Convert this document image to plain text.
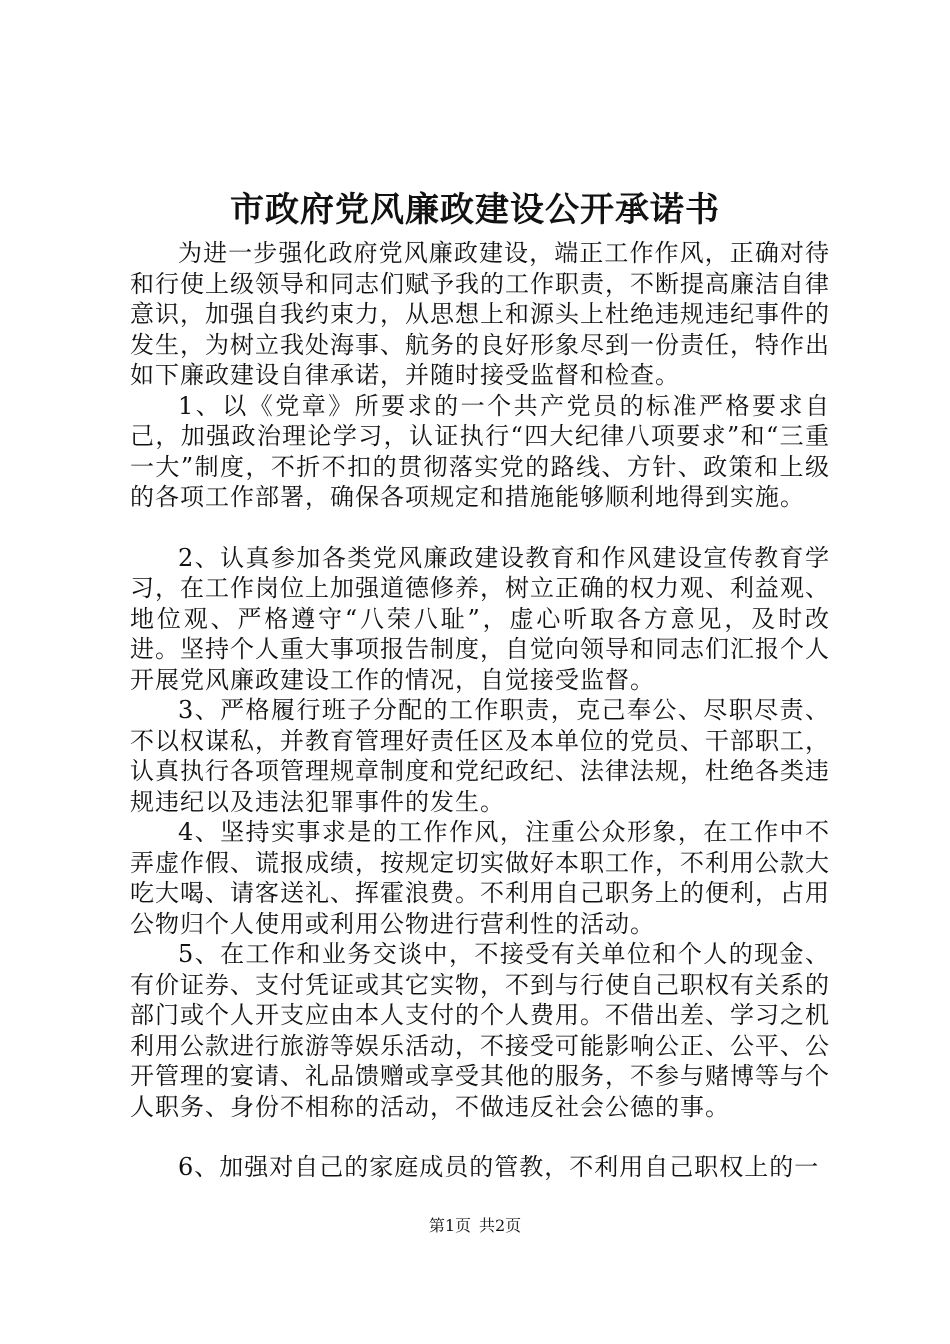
市政府党风廉政建设公开承诺书

为进一步强化政府党风廉政建设，端正工作作风，正确对待和行使上级领导和同志们赋予我的工作职责，不断提高廉洁自律意识，加强自我约束力，从思想上和源头上杜绝违规违纪事件的发生，为树立我处海事、航务的良好形象尽到一份责任，特作出如下廉政建设自律承诺，并随时接受监督和检查。

1、以《党章》所要求的一个共产党员的标准严格要求自己，加强政治理论学习，认证执行“四大纪律八项要求”和“三重一大”制度，不折不扣的贯彻落实党的路线、方针、政策和上级的各项工作部署，确保各项规定和措施能够顺利地得到实施。

2、认真参加各类党风廉政建设教育和作风建设宣传教育学习，在工作岗位上加强道德修养，树立正确的权力观、利益观、地位观、严格遵守“八荣八耻”，虚心听取各方意见，及时改进。坚持个人重大事项报告制度，自觉向领导和同志们汇报个人开展党风廉政建设工作的情况，自觉接受监督。

3、严格履行班子分配的工作职责，克己奉公、尽职尽责、不以权谋私，并教育管理好责任区及本单位的党员、干部职工，认真执行各项管理规章制度和党纪政纪、法律法规，杜绝各类违规违纪以及违法犯罪事件的发生。

4、坚持实事求是的工作作风，注重公众形象，在工作中不弄虚作假、谎报成绩，按规定切实做好本职工作，不利用公款大吃大喝、请客送礼、挥霍浪费。不利用自己职务上的便利，占用公物归个人使用或利用公物进行营利性的活动。

5、在工作和业务交谈中，不接受有关单位和个人的现金、有价证券、支付凭证或其它实物，不到与行使自己职权有关系的部门或个人开支应由本人支付的个人费用。不借出差、学习之机利用公款进行旅游等娱乐活动，不接受可能影响公正、公平、公开管理的宴请、礼品馈赠或享受其他的服务，不参与赌博等与个人职务、身份不相称的活动，不做违反社会公德的事。

6、加强对自己的家庭成员的管教，不利用自己职权上的一

第1页 共2页
